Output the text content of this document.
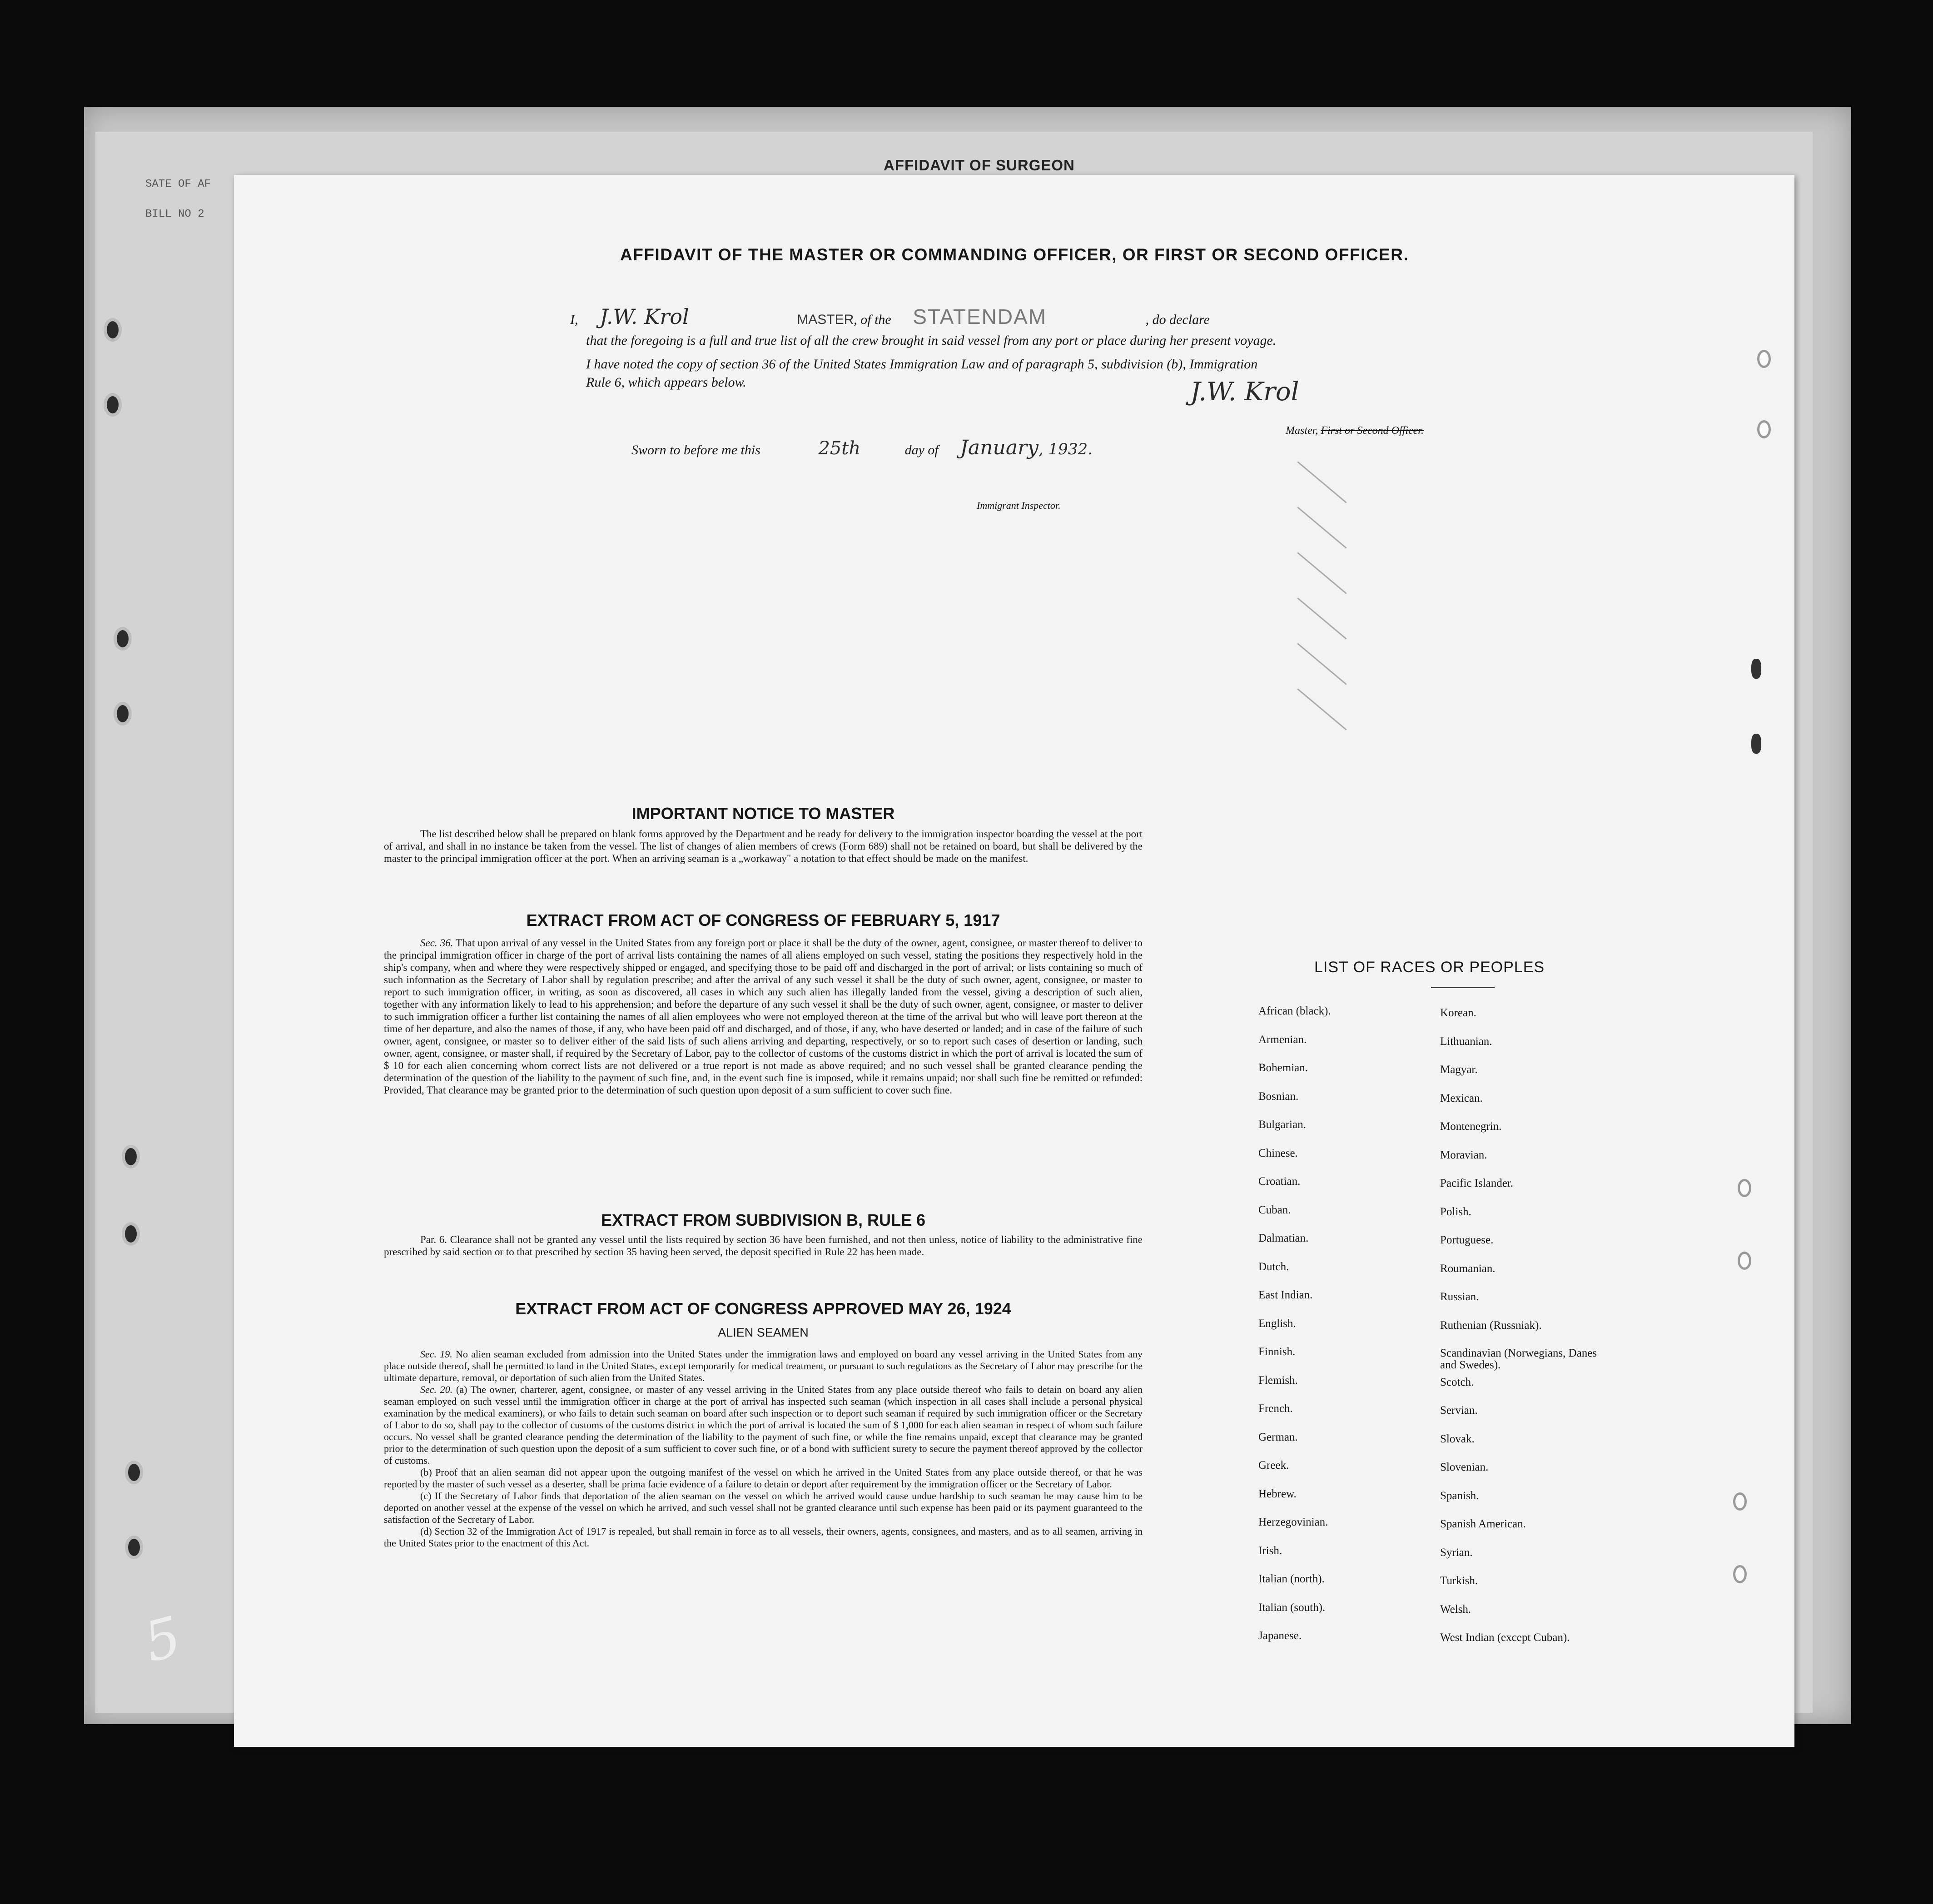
AFFIDAVIT OF SURGEON
SATE OF AF
BILL NO 2
AFFIDAVIT OF THE MASTER OR COMMANDING OFFICER, OR FIRST OR SECOND OFFICER.
I, J.W. Krol	MASTER, of the STATENDAM	, do declare
that the foregoing is a full and true list of all the crew brought in said vessel from any port or place during her present voyage.
I have noted the copy of section 36 of the United States Immigration Law and of paragraph 5, subdivision (b), Immigration
Rule 6, which appears below.	J.W. Krol
Master, First or Second Officer.
Sworn to before me this	25th	day of January, 1932.
Immigrant Inspector.
IMPORTANT NOTICE TO MASTER
The list described below shall be prepared on blank forms approved by the Department and be ready for delivery to the immigration inspector boarding the vessel at the port of arrival, and shall in no instance be taken from the vessel. The list of changes of alien members of crews (Form 689) shall not be retained on board, but shall be delivered by the master to the principal immigration officer at the port. When an arriving seaman is a „workaway" a notation to that effect should be made on the manifest.
EXTRACT FROM ACT OF CONGRESS OF FEBRUARY 5, 1917
Sec. 36. That upon arrival of any vessel in the United States from any foreign port or place it shall be the duty of the owner, agent, consignee, or master thereof to deliver to the principal immigration officer in charge of the port of arrival lists containing the names of all aliens employed on such vessel, stating the positions they respectively hold in the ship's company, when and where they were respectively shipped or engaged, and specifying those to be paid off and discharged in the port of arrival; or lists containing so much of such information as the Secretary of Labor shall by regulation prescribe; and after the arrival of any such vessel it shall be the duty of such owner, agent, consignee, or master to report to such immigration officer, in writing, as soon as discovered, all cases in which any such alien has illegally landed from the vessel, giving a description of such alien, together with any information likely to lead to his apprehension; and before the departure of any such vessel it shall be the duty of such owner, agent, consignee, or master to deliver to such immigration officer a further list containing the names of all alien employees who were not employed thereon at the time of the arrival but who will leave port thereon at the time of her departure, and also the names of those, if any, who have been paid off and discharged, and of those, if any, who have deserted or landed; and in case of the failure of such owner, agent, consignee, or master so to deliver either of the said lists of such aliens arriving and departing, respectively, or so to report such cases of desertion or landing, such owner, agent, consignee, or master shall, if required by the Secretary of Labor, pay to the collector of customs of the customs district in which the port of arrival is located the sum of $ 10 for each alien concerning whom correct lists are not delivered or a true report is not made as above required; and no such vessel shall be granted clearance pending the determination of the question of the liability to the payment of such fine, and, in the event such fine is imposed, while it remains unpaid; nor shall such fine be remitted or refunded: Provided, That clearance may be granted prior to the determination of such question upon deposit of a sum sufficient to cover such fine.
EXTRACT FROM SUBDIVISION B, RULE 6
Par. 6. Clearance shall not be granted any vessel until the lists required by section 36 have been furnished, and not then unless, notice of liability to the administrative fine prescribed by said section or to that prescribed by section 35 having been served, the deposit specified in Rule 22 has been made.
EXTRACT FROM ACT OF CONGRESS APPROVED MAY 26, 1924
ALIEN SEAMEN
Sec. 19. No alien seaman excluded from admission into the United States under the immigration laws and employed on board any vessel arriving in the United States from any place outside thereof, shall be permitted to land in the United States, except temporarily for medical treatment, or pursuant to such regulations as the Secretary of Labor may prescribe for the ultimate departure, removal, or deportation of such alien from the United States.
Sec. 20. (a) The owner, charterer, agent, consignee, or master of any vessel arriving in the United States from any place outside thereof who fails to detain on board any alien seaman employed on such vessel until the immigration officer in charge at the port of arrival has inspected such seaman (which inspection in all cases shall include a personal physical examination by the medical examiners), or who fails to detain such seaman on board after such inspection or to deport such seaman if required by such immigration officer or the Secretary of Labor to do so, shall pay to the collector of customs of the customs district in which the port of arrival is located the sum of $ 1,000 for each alien seaman in respect of whom such failure occurs. No vessel shall be granted clearance pending the determination of the liability to the payment of such fine, or while the fine remains unpaid, except that clearance may be granted prior to the determination of such question upon the deposit of a sum sufficient to cover such fine, or of a bond with sufficient surety to secure the payment thereof approved by the collector of customs.
(b) Proof that an alien seaman did not appear upon the outgoing manifest of the vessel on which he arrived in the United States from any place outside thereof, or that he was reported by the master of such vessel as a deserter, shall be prima facie evidence of a failure to detain or deport after requirement by the immigration officer or the Secretary of Labor.
(c) If the Secretary of Labor finds that deportation of the alien seaman on the vessel on which he arrived would cause undue hardship to such seaman he may cause him to be deported on another vessel at the expense of the vessel on which he arrived, and such vessel shall not be granted clearance until such expense has been paid or its payment guaranteed to the satisfaction of the Secretary of Labor.
(d) Section 32 of the Immigration Act of 1917 is repealed, but shall remain in force as to all vessels, their owners, agents, consignees, and masters, and as to all seamen, arriving in the United States prior to the enactment of this Act.
LIST OF RACES OR PEOPLES
African (black).
Armenian.
Bohemian.
Bosnian.
Bulgarian.
Chinese.
Croatian.
Cuban.
Dalmatian.
Dutch.
East Indian.
English.
Finnish.
Flemish.
French.
German.
Greek.
Hebrew.
Herzegovinian.
Irish.
Italian (north).
Italian (south).
Japanese.
Korean.
Lithuanian.
Magyar.
Mexican.
Montenegrin.
Moravian.
Pacific Islander.
Polish.
Portuguese.
Roumanian.
Russian.
Ruthenian (Russniak).
Scandinavian (Norwegians, Danes and Swedes).
Scotch.
Servian.
Slovak.
Slovenian.
Spanish.
Spanish American.
Syrian.
Turkish.
Welsh.
West Indian (except Cuban).
5
